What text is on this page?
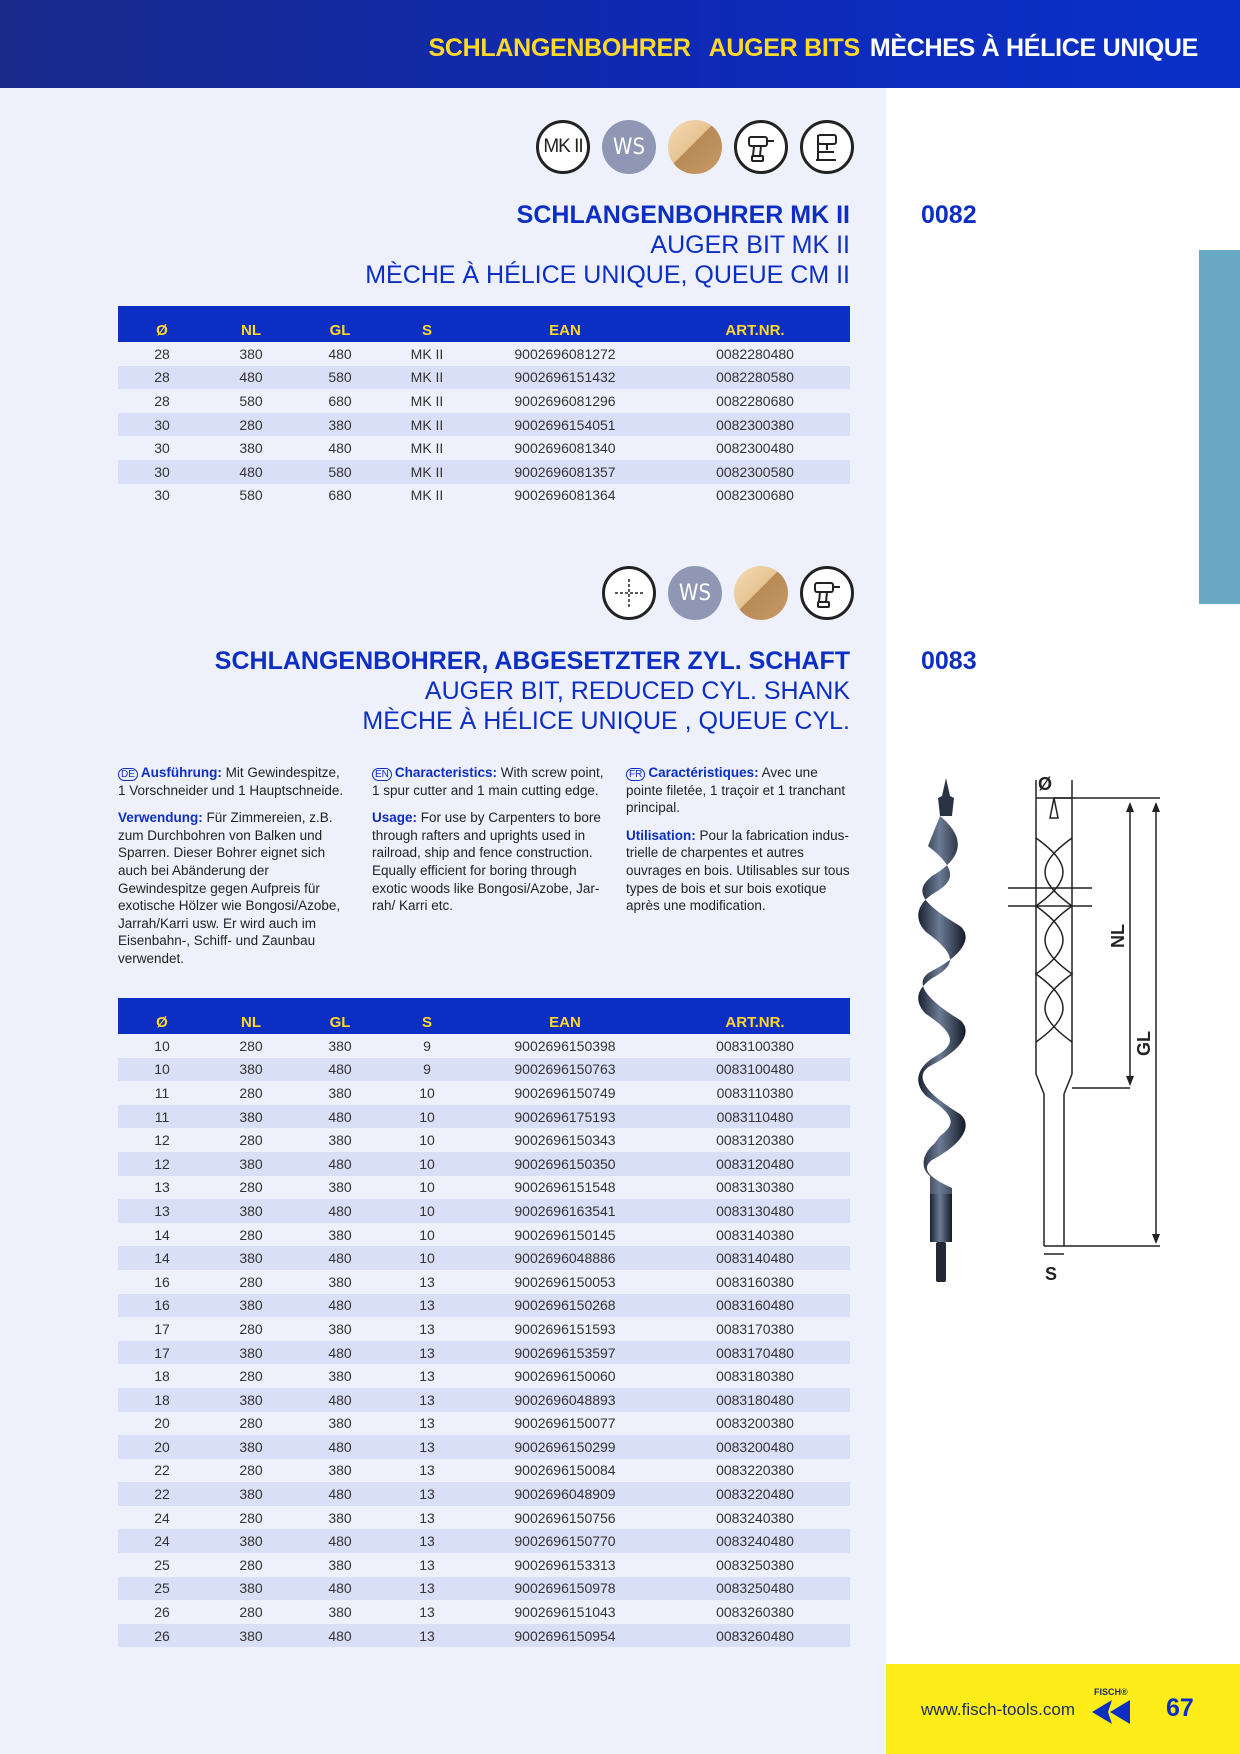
SCHLANGENBOHRER AUGER BITS MÈCHES À HÉLICE UNIQUE
MK II	WS
SCHLANGENBOHRER MK II
AUGER BIT MK II
MÈCHE À HÉLICE UNIQUE, QUEUE CM II
0082
Ø	NL	GL	S	EAN	ART.NR.
28	380	480	MK II	9002696081272	0082280480
28	480	580	MK II	9002696151432	0082280580
28	580	680	MK II	9002696081296	0082280680
30	280	380	MK II	9002696154051	0082300380
30	380	480	MK II	9002696081340	0082300480
30	480	580	MK II	9002696081357	0082300580
30	580	680	MK II	9002696081364	0082300680
WS
SCHLANGENBOHRER, ABGESETZTER ZYL. SCHAFT
AUGER BIT, REDUCED CYL. SHANK
MÈCHE À HÉLICE UNIQUE , QUEUE CYL.
0083

DE Ausführung: Mit Gewindespitze, 1 Vorschneider und 1 Hauptschneide.

Verwendung: Für Zimmereien, z.B. zum Durchbohren von Balken und Sparren. Dieser Bohrer eignet sich auch bei Abänderung der Gewindespitze gegen Aufpreis für exotische Hölzer wie Bongosi/Azobe, Jarrah/Karri usw. Er wird auch im Eisenbahn-, Schiff- und Zaunbau verwendet.

EN Characteristics: With screw point, 1 spur cutter and 1 main cutting edge.

Usage: For use by Carpenters to bore through rafters and uprights used in railroad, ship and fence construction. Equally efficient for boring through exotic woods like Bongosi/Azobe, Jar-rah/ Karri etc.

FR Caractéristiques: Avec une pointe filetée, 1 traçoir et 1 tranchant principal.

Utilisation: Pour la fabrication indus-trielle de charpentes et autres ouvrages en bois. Utilisables sur tous types de bois et sur bois exotique après une modification.

Ø
NL
GL
S
Ø	NL	GL	S	EAN	ART.NR.
10	280	380	9	9002696150398	0083100380
10	380	480	9	9002696150763	0083100480
11	280	380	10	9002696150749	0083110380
11	380	480	10	9002696175193	0083110480
12	280	380	10	9002696150343	0083120380
12	380	480	10	9002696150350	0083120480
13	280	380	10	9002696151548	0083130380
13	380	480	10	9002696163541	0083130480
14	280	380	10	9002696150145	0083140380
14	380	480	10	9002696048886	0083140480
16	280	380	13	9002696150053	0083160380
16	380	480	13	9002696150268	0083160480
17	280	380	13	9002696151593	0083170380
17	380	480	13	9002696153597	0083170480
18	280	380	13	9002696150060	0083180380
18	380	480	13	9002696048893	0083180480
20	280	380	13	9002696150077	0083200380
20	380	480	13	9002696150299	0083200480
22	280	380	13	9002696150084	0083220380
22	380	480	13	9002696048909	0083220480
24	280	380	13	9002696150756	0083240380
24	380	480	13	9002696150770	0083240480
25	280	380	13	9002696153313	0083250380
25	380	480	13	9002696150978	0083250480
26	280	380	13	9002696151043	0083260380
26	380	480	13	9002696150954	0083260480
www.fisch-tools.com
FISCH®
67
